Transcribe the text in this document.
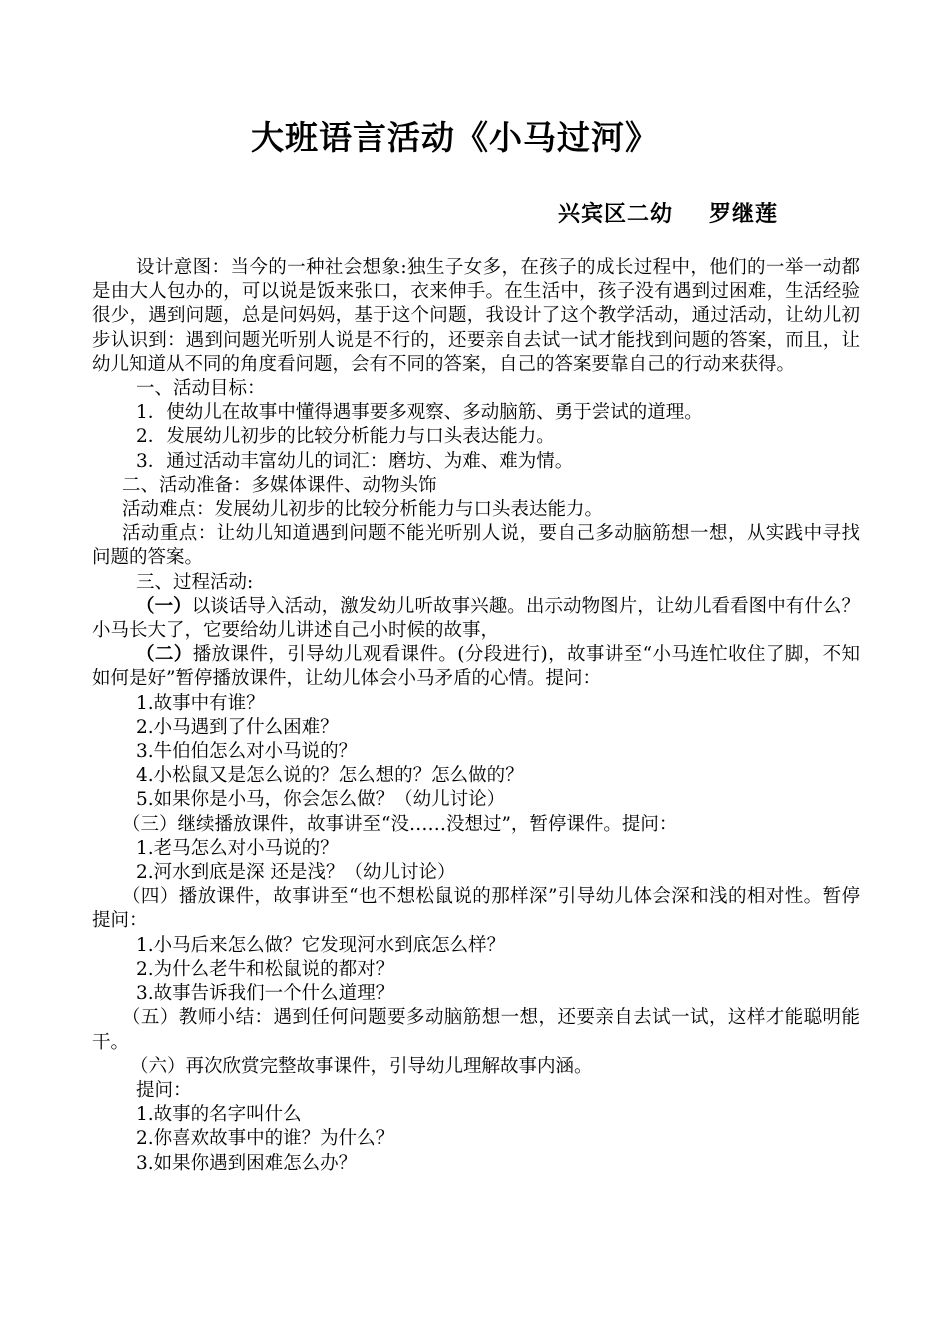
大班语言活动《小马过河》
兴宾区二幼 罗继莲

设计意图：当今的一种社会想象:独生子女多，在孩子的成长过程中，他们的一举一动都是由大人包办的，可以说是饭来张口，衣来伸手。在生活中，孩子没有遇到过困难，生活经验很少，遇到问题，总是问妈妈，基于这个问题，我设计了这个教学活动，通过活动，让幼儿初步认识到：遇到问题光听别人说是不行的，还要亲自去试一试才能找到问题的答案，而且，让幼儿知道从不同的角度看问题，会有不同的答案，自己的答案要靠自己的行动来获得。

一、活动目标：

1．使幼儿在故事中懂得遇事要多观察、多动脑筋、勇于尝试的道理。

2．发展幼儿初步的比较分析能力与口头表达能力。

3．通过活动丰富幼儿的词汇：磨坊、为难、难为情。

二、活动准备：多媒体课件、动物头饰

活动难点：发展幼儿初步的比较分析能力与口头表达能力。

活动重点：让幼儿知道遇到问题不能光听别人说，要自己多动脑筋想一想，从实践中寻找问题的答案。

三、过程活动:

（一）以谈话导入活动，激发幼儿听故事兴趣。出示动物图片，让幼儿看看图中有什么？小马长大了，它要给幼儿讲述自己小时候的故事，

（二）播放课件，引导幼儿观看课件。(分段进行)，故事讲至“小马连忙收住了脚，不知如何是好”暂停播放课件，让幼儿体会小马矛盾的心情。提问：

1.故事中有谁？

2.小马遇到了什么困难？

3.牛伯伯怎么对小马说的？

4.小松鼠又是怎么说的？怎么想的？怎么做的？

5.如果你是小马，你会怎么做？（幼儿讨论）

（三）继续播放课件，故事讲至“没……没想过”，暂停课件。提问：

1.老马怎么对小马说的？

2.河水到底是深 还是浅？（幼儿讨论）

（四）播放课件，故事讲至“也不想松鼠说的那样深”引导幼儿体会深和浅的相对性。暂停提问：

1.小马后来怎么做？它发现河水到底怎么样？

2.为什么老牛和松鼠说的都对？

3.故事告诉我们一个什么道理？

（五）教师小结：遇到任何问题要多动脑筋想一想，还要亲自去试一试，这样才能聪明能干。

（六）再次欣赏完整故事课件，引导幼儿理解故事内涵。

提问：

1.故事的名字叫什么

2.你喜欢故事中的谁？为什么？

3.如果你遇到困难怎么办？
